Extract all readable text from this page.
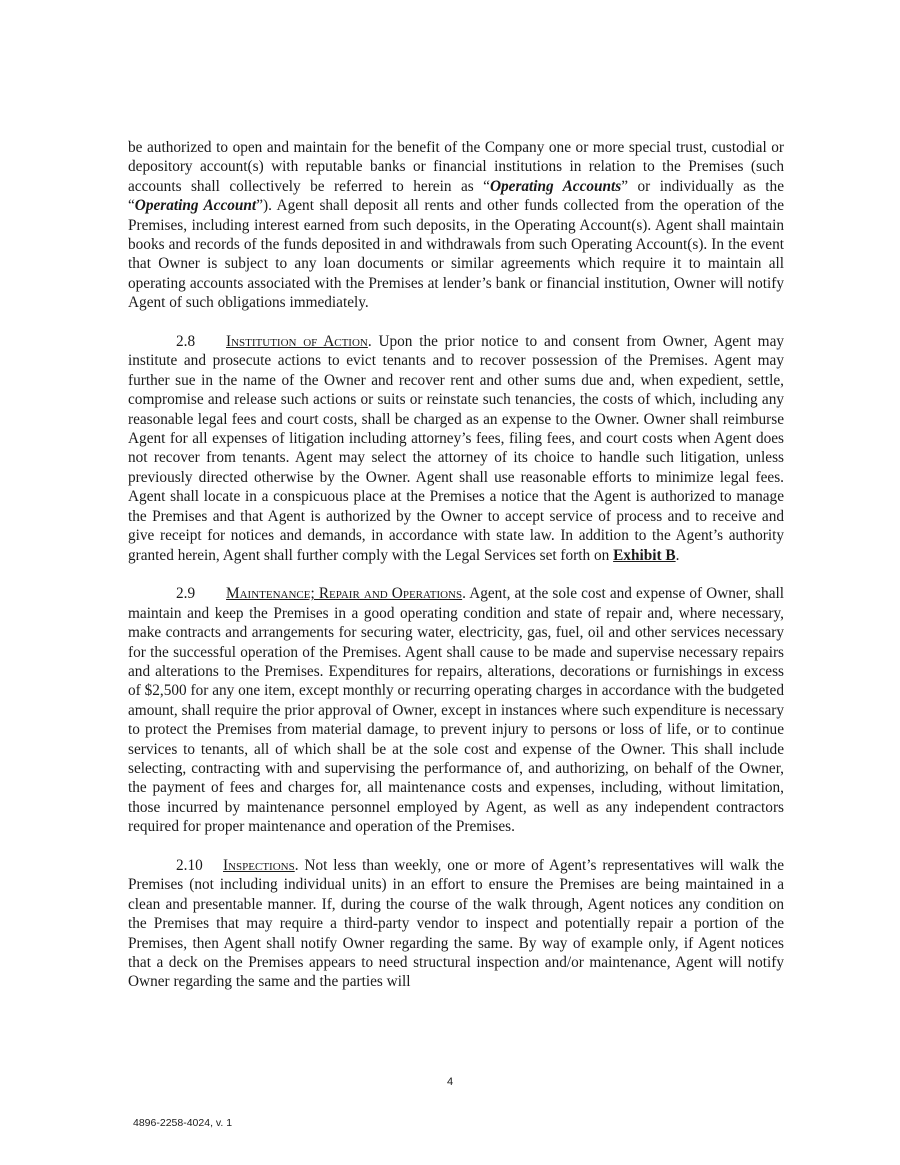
be authorized to open and maintain for the benefit of the Company one or more special trust, custodial or depository account(s) with reputable banks or financial institutions in relation to the Premises (such accounts shall collectively be referred to herein as “Operating Accounts” or individually as the “Operating Account”). Agent shall deposit all rents and other funds collected from the operation of the Premises, including interest earned from such deposits, in the Operating Account(s). Agent shall maintain books and records of the funds deposited in and withdrawals from such Operating Account(s). In the event that Owner is subject to any loan documents or similar agreements which require it to maintain all operating accounts associated with the Premises at lender’s bank or financial institution, Owner will notify Agent of such obligations immediately.

2.8 Institution of Action. Upon the prior notice to and consent from Owner, Agent may institute and prosecute actions to evict tenants and to recover possession of the Premises. Agent may further sue in the name of the Owner and recover rent and other sums due and, when expedient, settle, compromise and release such actions or suits or reinstate such tenancies, the costs of which, including any reasonable legal fees and court costs, shall be charged as an expense to the Owner. Owner shall reimburse Agent for all expenses of litigation including attorney’s fees, filing fees, and court costs when Agent does not recover from tenants. Agent may select the attorney of its choice to handle such litigation, unless previously directed otherwise by the Owner. Agent shall use reasonable efforts to minimize legal fees. Agent shall locate in a conspicuous place at the Premises a notice that the Agent is authorized to manage the Premises and that Agent is authorized by the Owner to accept service of process and to receive and give receipt for notices and demands, in accordance with state law. In addition to the Agent’s authority granted herein, Agent shall further comply with the Legal Services set forth on Exhibit B.

2.9 Maintenance; Repair and Operations. Agent, at the sole cost and expense of Owner, shall maintain and keep the Premises in a good operating condition and state of repair and, where necessary, make contracts and arrangements for securing water, electricity, gas, fuel, oil and other services necessary for the successful operation of the Premises. Agent shall cause to be made and supervise necessary repairs and alterations to the Premises. Expenditures for repairs, alterations, decorations or furnishings in excess of $2,500 for any one item, except monthly or recurring operating charges in accordance with the budgeted amount, shall require the prior approval of Owner, except in instances where such expenditure is necessary to protect the Premises from material damage, to prevent injury to persons or loss of life, or to continue services to tenants, all of which shall be at the sole cost and expense of the Owner. This shall include selecting, contracting with and supervising the performance of, and authorizing, on behalf of the Owner, the payment of fees and charges for, all maintenance costs and expenses, including, without limitation, those incurred by maintenance personnel employed by Agent, as well as any independent contractors required for proper maintenance and operation of the Premises.

2.10 Inspections. Not less than weekly, one or more of Agent’s representatives will walk the Premises (not including individual units) in an effort to ensure the Premises are being maintained in a clean and presentable manner. If, during the course of the walk through, Agent notices any condition on the Premises that may require a third-party vendor to inspect and potentially repair a portion of the Premises, then Agent shall notify Owner regarding the same. By way of example only, if Agent notices that a deck on the Premises appears to need structural inspection and/or maintenance, Agent will notify Owner regarding the same and the parties will

4
4896-2258-4024, v. 1
